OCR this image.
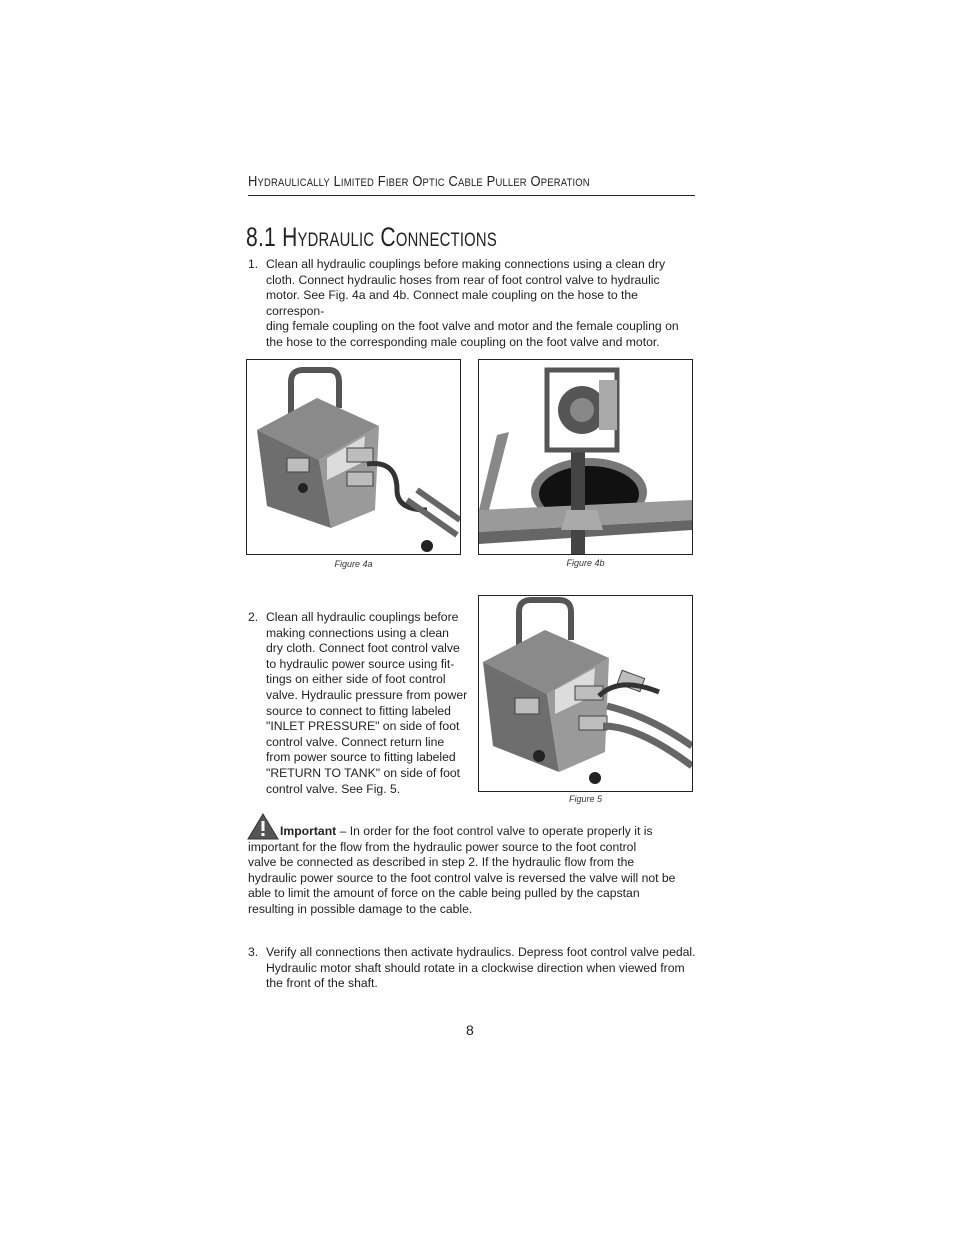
Hydraulically Limited Fiber Optic Cable Puller Operation
8.1 Hydraulic Connections
1. Clean all hydraulic couplings before making connections using a clean dry
cloth. Connect hydraulic hoses from rear of foot control valve to hydraulic
motor. See Fig. 4a and 4b. Connect male coupling on the hose to the correspon-
ding female coupling on the foot valve and motor and the female coupling on
the hose to the corresponding male coupling on the foot valve and motor.
Figure 4a	Figure 4b
2. Clean all hydraulic couplings before
making connections using a clean
dry cloth. Connect foot control valve
to hydraulic power source using fit-
tings on either side of foot control
valve. Hydraulic pressure from power
source to connect to fitting labeled
"INLET PRESSURE" on side of foot
control valve. Connect return line
from power source to fitting labeled
"RETURN TO TANK" on side of foot
control valve. See Fig. 5.
Figure 5
Important – In order for the foot control valve to operate properly it is
important for the flow from the hydraulic power source to the foot control
valve be connected as described in step 2. If the hydraulic flow from the
hydraulic power source to the foot control valve is reversed the valve will not be
able to limit the amount of force on the cable being pulled by the capstan
resulting in possible damage to the cable.
3. Verify all connections then activate hydraulics. Depress foot control valve pedal.
Hydraulic motor shaft should rotate in a clockwise direction when viewed from
the front of the shaft.
8
